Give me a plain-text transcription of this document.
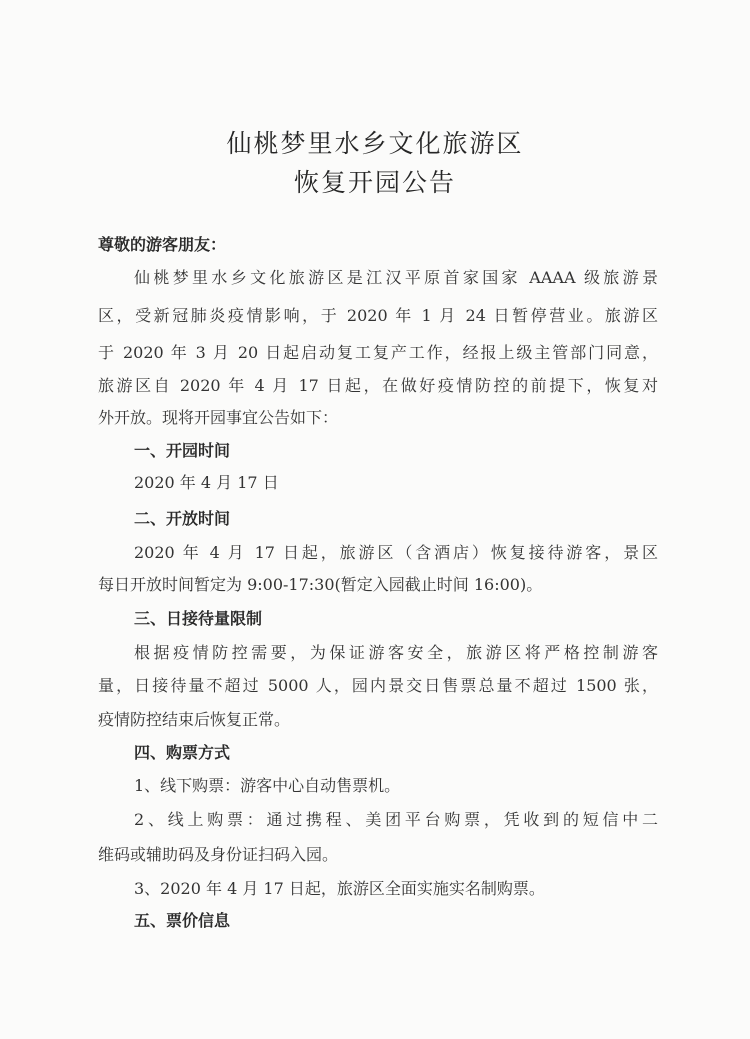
仙桃梦里水乡文化旅游区
恢复开园公告
尊敬的游客朋友：
仙桃梦里水乡文化旅游区是江汉平原首家国家 AAAA 级旅游景
区，受新冠肺炎疫情影响，于 2020 年 1 月 24 日暂停营业。旅游区
于 2020 年 3 月 20 日起启动复工复产工作，经报上级主管部门同意，
旅游区自 2020 年 4 月 17 日起，在做好疫情防控的前提下，恢复对
外开放。现将开园事宜公告如下：
一、开园时间
2020 年 4 月 17 日
二、开放时间
2020 年 4 月 17 日起，旅游区（含酒店）恢复接待游客，景区
每日开放时间暂定为 9:00-17:30(暂定入园截止时间 16:00)。
三、日接待量限制
根据疫情防控需要，为保证游客安全，旅游区将严格控制游客
量，日接待量不超过 5000 人，园内景交日售票总量不超过 1500 张，
疫情防控结束后恢复正常。
四、购票方式
1、线下购票：游客中心自动售票机。
2、线上购票：通过携程、美团平台购票，凭收到的短信中二
维码或辅助码及身份证扫码入园。
3、2020 年 4 月 17 日起，旅游区全面实施实名制购票。
五、票价信息
